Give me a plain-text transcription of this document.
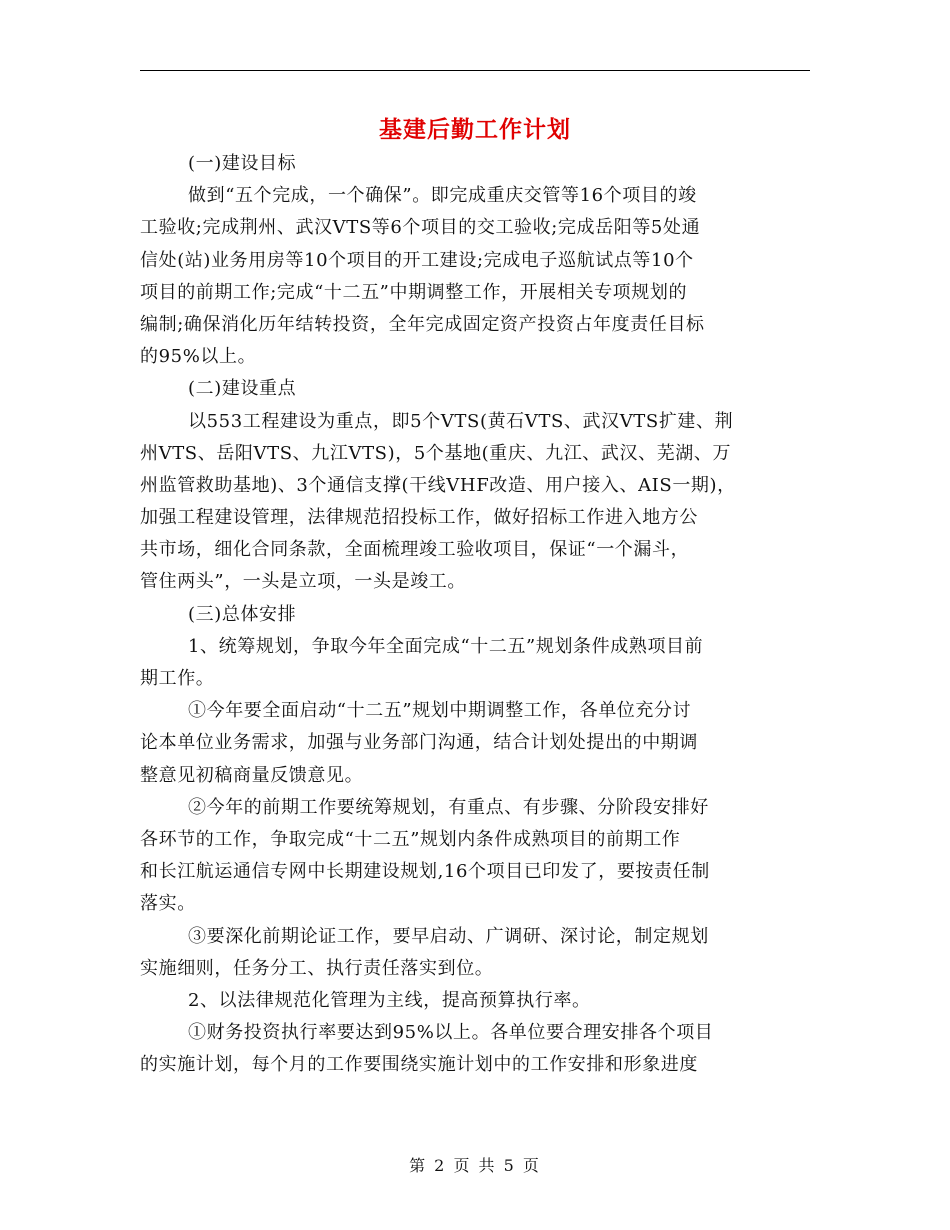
基建后勤工作计划
(一)建设目标
做到“五个完成，一个确保”。即完成重庆交管等16个项目的竣
工验收;完成荆州、武汉VTS等6个项目的交工验收;完成岳阳等5处通
信处(站)业务用房等10个项目的开工建设;完成电子巡航试点等10个
项目的前期工作;完成“十二五”中期调整工作，开展相关专项规划的
编制;确保消化历年结转投资，全年完成固定资产投资占年度责任目标
的95%以上。
(二)建设重点
以553工程建设为重点，即5个VTS(黄石VTS、武汉VTS扩建、荆
州VTS、岳阳VTS、九江VTS)，5个基地(重庆、九江、武汉、芜湖、万
州监管救助基地)、3个通信支撑(干线VHF改造、用户接入、AIS一期)，
加强工程建设管理，法律规范招投标工作，做好招标工作进入地方公
共市场，细化合同条款，全面梳理竣工验收项目，保证“一个漏斗，
管住两头”，一头是立项，一头是竣工。
(三)总体安排
1、统筹规划，争取今年全面完成“十二五”规划条件成熟项目前
期工作。
①今年要全面启动“十二五”规划中期调整工作，各单位充分讨
论本单位业务需求，加强与业务部门沟通，结合计划处提出的中期调
整意见初稿商量反馈意见。
②今年的前期工作要统筹规划，有重点、有步骤、分阶段安排好
各环节的工作，争取完成“十二五”规划内条件成熟项目的前期工作
和长江航运通信专网中长期建设规划,16个项目已印发了，要按责任制
落实。
③要深化前期论证工作，要早启动、广调研、深讨论，制定规划
实施细则，任务分工、执行责任落实到位。
2、以法律规范化管理为主线，提高预算执行率。
①财务投资执行率要达到95%以上。各单位要合理安排各个项目
的实施计划，每个月的工作要围绕实施计划中的工作安排和形象进度
第 2 页 共 5 页
